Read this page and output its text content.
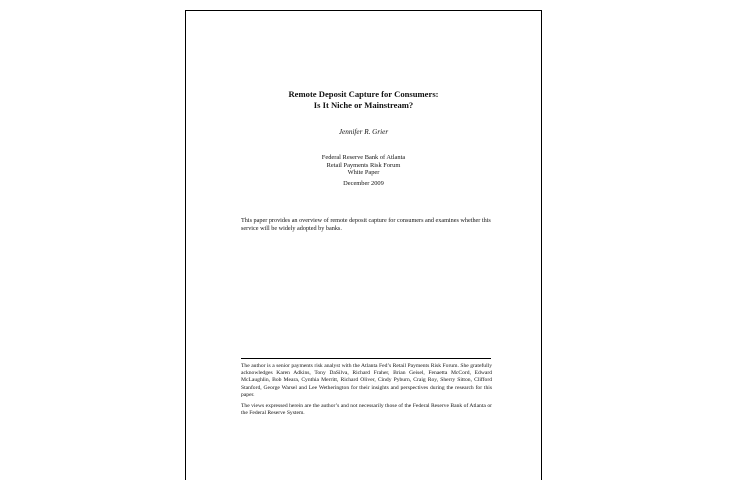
Remote Deposit Capture for Consumers:
Is It Niche or Mainstream?
Jennifer R. Grier
Federal Reserve Bank of Atlanta
Retail Payments Risk Forum
White Paper
December 2009
This paper provides an overview of remote deposit capture for consumers and examines whether this service will be widely adopted by banks.

The author is a senior payments risk analyst with the Atlanta Fed’s Retail Payments Risk Forum. She gratefully acknowledges Karen Adkins, Tony DaSilva, Richard Fraher, Brian Geisel, Fenaetta McCord, Edward McLaughlin, Bob Meara, Cynthia Merritt, Richard Oliver, Cindy Pyburn, Craig Roy, Sherry Sitton, Clifford Stanford, George Warsel and Lee Wetherington for their insights and perspectives during the research for this paper.

The views expressed herein are the author’s and not necessarily those of the Federal Reserve Bank of Atlanta or the Federal Reserve System.
